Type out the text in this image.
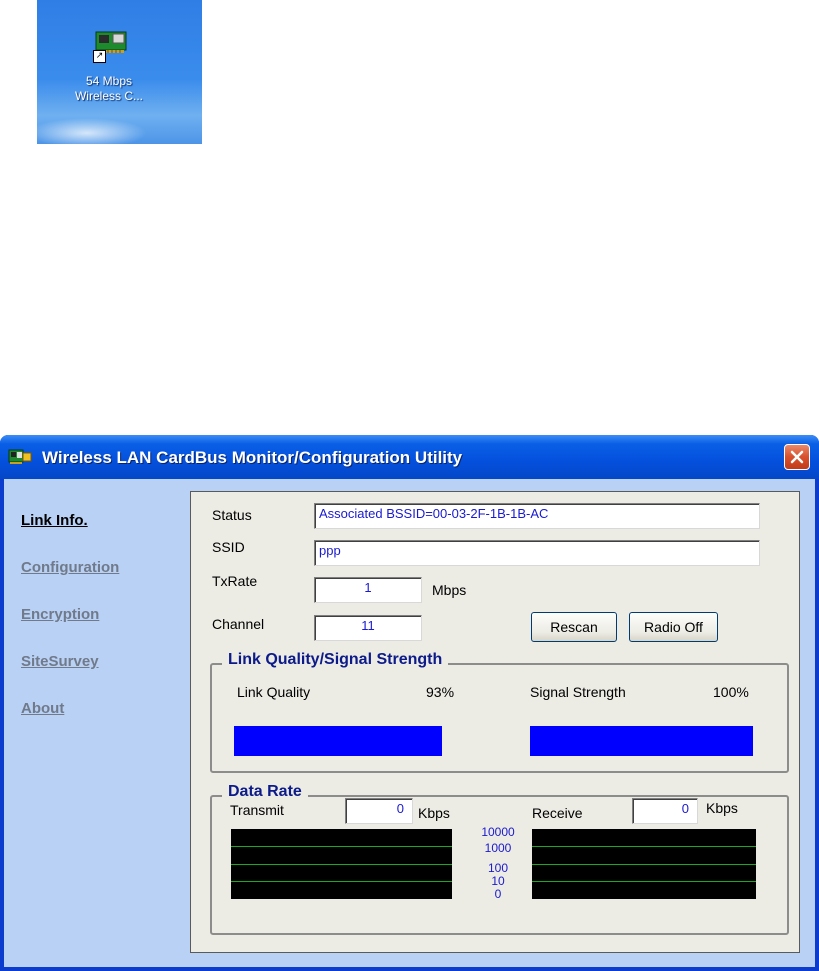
↗
54 Mbps
Wireless C...
Wireless LAN CardBus Monitor/Configuration Utility
Link Info.
Configuration
Encryption
SiteSurvey
About
Status	Associated BSSID=00-03-2F-1B-1B-AC
SSID	ppp
TxRate	1	Mbps
Channel	11	Rescan	Radio Off
Link Quality/Signal Strength
Link Quality	93%	Signal Strength	100%
Data Rate
Transmit	0	Kbps	Receive	0	Kbps
10000
1000
100
10
0
